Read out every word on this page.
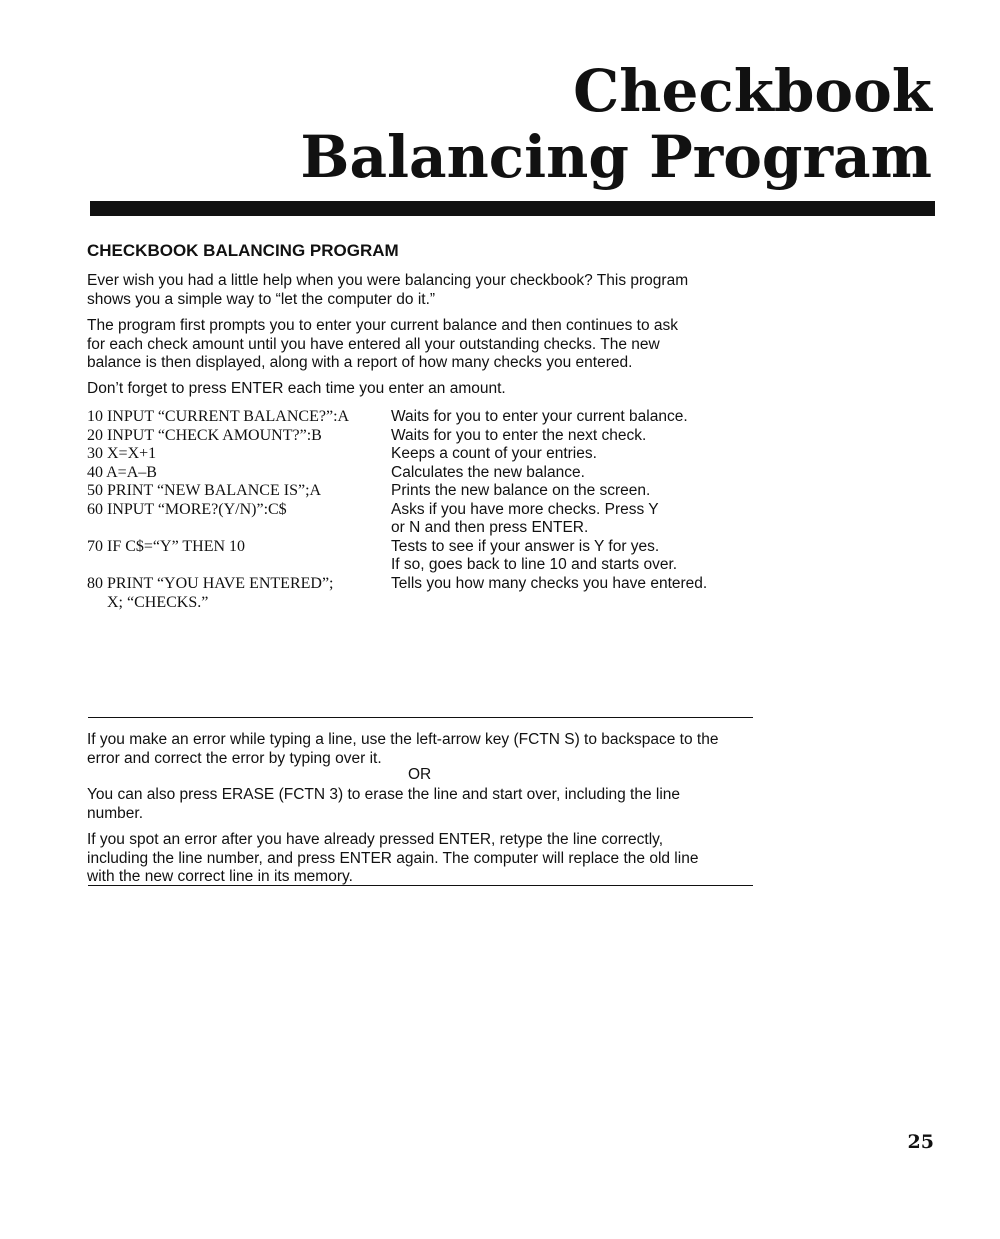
Checkbook
Balancing Program
CHECKBOOK BALANCING PROGRAM
Ever wish you had a little help when you were balancing your checkbook? This program
shows you a simple way to “let the computer do it.”
The program first prompts you to enter your current balance and then continues to ask
for each check amount until you have entered all your outstanding checks. The new
balance is then displayed, along with a report of how many checks you entered.
Don’t forget to press ENTER each time you enter an amount.
10 INPUT “CURRENT BALANCE?”:A
20 INPUT “CHECK AMOUNT?”:B
30 X=X+1
40 A=A–B
50 PRINT “NEW BALANCE IS”;A
60 INPUT “MORE?(Y/N)”:C$
70 IF C$=“Y” THEN 10
80 PRINT “YOU HAVE ENTERED”;
X; “CHECKS.”
Waits for you to enter your current balance.
Waits for you to enter the next check.
Keeps a count of your entries.
Calculates the new balance.
Prints the new balance on the screen.
Asks if you have more checks. Press Y
or N and then press ENTER.
Tests to see if your answer is Y for yes.
If so, goes back to line 10 and starts over.
Tells you how many checks you have entered.
If you make an error while typing a line, use the left-arrow key (FCTN S) to backspace to the
error and correct the error by typing over it.
OR
You can also press ERASE (FCTN 3) to erase the line and start over, including the line
number.
If you spot an error after you have already pressed ENTER, retype the line correctly,
including the line number, and press ENTER again. The computer will replace the old line
with the new correct line in its memory.
25
